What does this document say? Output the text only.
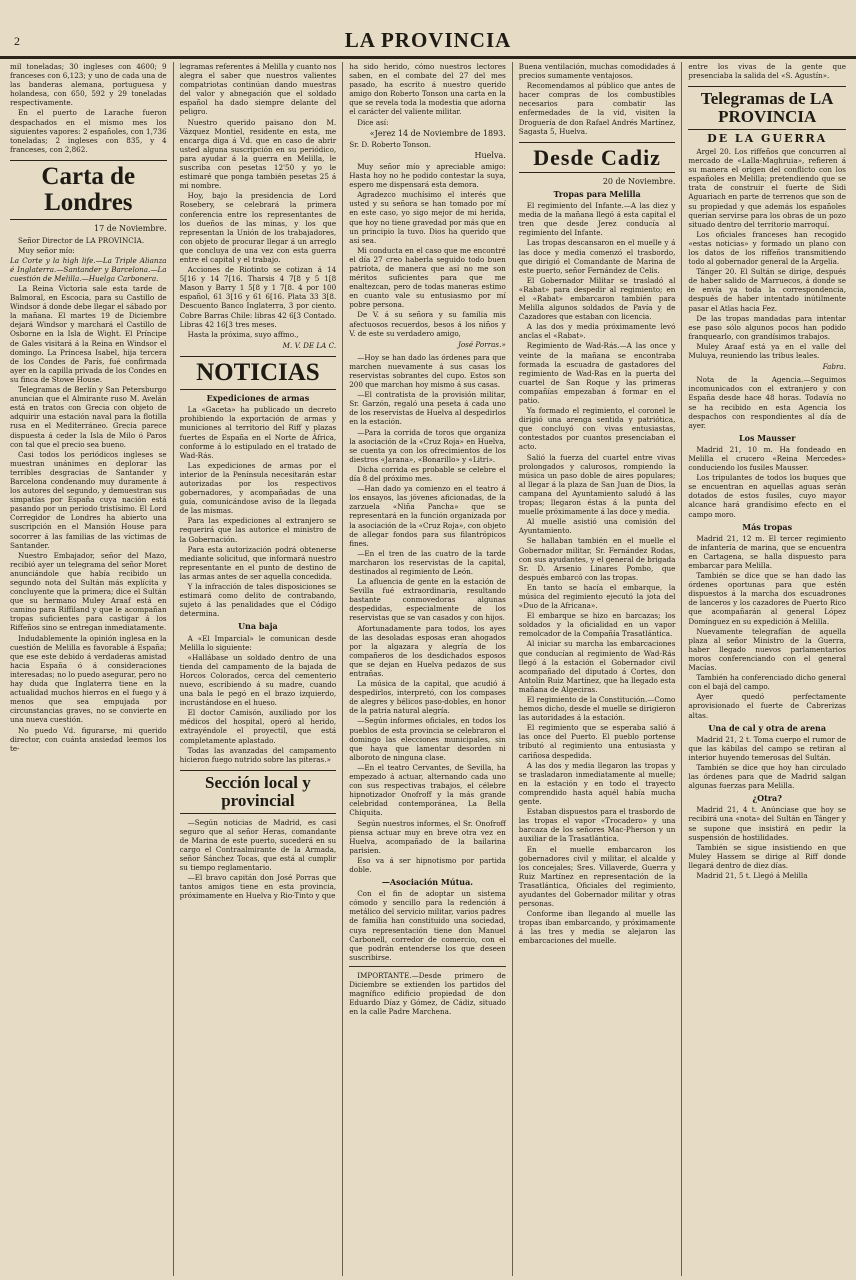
2	LA PROVINCIA

mil toneladas; 30 ingleses con 4600; 9 franceses con 6,123; y uno de cada una de las banderas alemana, portuguesa y holandesa, con 650, 592 y 29 toneladas respectivamente.

En el puerto de Larache fueron despachados en el mismo mes los siguientes vapores: 2 españoles, con 1,736 toneladas; 2 ingleses con 835, y 4 franceses, con 2,862.

Carta de Londres
17 de Noviembre.

Señor Director de LA PROVINCIA.

Muy señor mío:

La Corte y la high life.—La Triple Alianza é Inglaterra.—Santander y Barcelona.—La cuestión de Melilla.—Huelga Carbonera.

La Reina Victoria sale esta tarde de Balmoral, en Escocia, para su Castillo de Windsor á donde debe llegar el sábado por la mañana. El martes 19 de Diciembre dejará Windsor y marchará el Castillo de Osborne en la Isla de Wight. El Príncipe de Gales visitará á la Reina en Windsor el domingo. La Princesa Isabel, hija tercera de los Condes de París, fué confirmada ayer en la capilla privada de los Condes en su finca de Stowe House.

Telegramas de Berlín y San Petersburgo anuncian que el Almirante ruso M. Avelán está en tratos con Grecia con objeto de adquirir una estación naval para la flotilla rusa en el Mediterráneo. Grecia parece dispuesta á ceder la Isla de Milo ó Paros con tal que el precio sea bueno.

Casi todos los periódicos ingleses se muestran unánimes en deplorar las terribles desgracias de Santander y Barcelona condenando muy duramente á los autores del segundo, y demuestran sus simpatías por España cuya nación está pasando por un periodo tristísimo. El Lord Corregidor de Londres ha abierto una suscripción en el Mansión House para socorrer á las familias de las víctimas de Santander.

Nuestro Embajador, señor del Mazo, recibió ayer un telegrama del señor Moret anunciándole que había recibido un segundo nota del Sultán más explícita y concluyente que la primera; dice el Sultán que su hermano Muley Araaf está en camino para Riffiland y que le acompañan tropas suficientes para castigar á los Riffeños sino se entregan inmediatamente.

Indudablemente la opinión inglesa en la cuestión de Melilla es favorable á España; que ese este debido á verdaderas amistad hacia España ó á consideraciones interesadas; no lo puedo asegurar, pero no hay duda que Inglaterra tiene en la actualidad muchos hierros en el fuego y á menos que sea empujada por circunstancias graves, no se convierte en una nueva cuestión.

No puedo Vd. figurarse, mi querido director, con cuánta ansiedad leemos los te-

legramas referentes á Melilla y cuanto nos alegra el saber que nuestros valientes compatriotas continúan dando muestras del valor y abnegación que el soldado español ha dado siempre delante del peligro.

Nuestro querido paisano don M. Vázquez Montiel, residente en esta, me encarga diga á Vd. que en caso de abrir usted alguna suscripción en su periódico, para ayudar á la guerra en Melilla, le suscriba con pesetas 12'50 y yo le estimaré que ponga también pesetas 25 á mi nombre.

Hoy, bajo la presidencia de Lord Rosebery, se celebrará la primera conferencia entre los representantes de los dueños de las minas, y los que representan la Unión de los trabajadores, con objeto de procurar llegar á un arreglo que concluya de una vez con esta guerra entre el capital y el trabajo.

Acciones de Riotinto se cotizan á 14 5[16 y 14 7[16. Tharsis 4 7[8 y 5 1[8 Mason y Barry 1 5[8 y 1 7[8. 4 por 100 español, 61 3[16 y 61 6[16. Plata 33 3[8. Descuento Banco Inglaterra, 3 por ciento. Cobre Barras Chile: libras 42 6[3 Contado. Libras 42 16[3 tres meses.

Hasta la próxima, suyo affmo.,

M. V. DE LA C.
NOTICIAS
Expediciones de armas

La «Gaceta» ha publicado un decreto prohibiendo la exportación de armas y municiones al territorio del Riff y plazas fuertes de España en el Norte de África, conforme á lo estipulado en el tratado de Wad-Rás.

Las expediciones de armas por el interior de la Península necesitarán estar autorizadas por los respectivos gobernadores, y acompañadas de una guía, comunicándose aviso de la llegada de las mismas.

Para las expediciones al extranjero se requerirá que las autorice el ministro de la Gobernación.

Para esta autorización podrá obtenerse mediante solicitud, que informará nuestro representante en el punto de destino de las armas antes de ser aquella concedida.

Y la infracción de tales disposiciones se estimará como delito de contrabando, sujeto á las penalidades que el Código determina.

Una baja

A «El Imparcial» le comunican desde Melilla lo siguiente:

«Hallábase un soldado dentro de una tienda del campamento de la bajada de Horcos Colorados, cerca del cementerio nuevo, escribiendo á su madre, cuando una bala le pegó en el brazo izquierdo, incrustándose en el hueso.

El doctor Camisón, auxiliado por los médicos del hospital, operó al herido, extrayéndole el proyectil, que está completamente aplastado.

Todas las avanzadas del campamento hicieron fuego nutrido sobre las piteras.»

Sección local y provincial

—Según noticias de Madrid, es casi seguro que al señor Heras, comandante de Marina de este puerto, sucederá en su cargo el Contraalmirante de la Armada, señor Sánchez Tocas, que está al cumplir su tiempo reglamentario.

—El bravo capitán don José Porras que tantos amigos tiene en esta provincia, próximamente en Huelva y Rio-Tinto y que

ha sido herido, cómo nuestros lectores saben, en el combate del 27 del mes pasado, ha escrito á nuestro querido amigo don Roberto Tonson una carta en la que se revela toda la modestia que adorna el carácter del valiente militar.

Dice así:

«Jerez 14 de Noviembre de 1893.

Sr. D. Roberto Tonson.

Huelva.

Muy señor mío y apreciable amigo: Hasta hoy no he podido contestar la suya, espero me dispensará esta demora.

Agradezco muchísimo el interés que usted y su señora se han tomado por mí en este caso, yo sigo mejor de mi herida, que hoy no tiene gravedad por más que en un principio la tuvo. Dios ha querido que así sea.

Mi conducta en el caso que me encontré el día 27 creo haberla seguido todo buen patriota, de manera que así no me son méritos suficientes para que me enaltezcan, pero de todas maneras estimo en cuanto vale su entusiasmo por mí pobre persona.

De V. á su señora y su familia mis afectuosos recuerdos, besos á los niños y V. de este su verdadero amigo,

José Porras.»

—Hoy se han dado las órdenes para que marchen nuevamente á sus casas los reservistas sobrantes del cupo. Estos son 200 que marchan hoy mismo á sus casas.

—El contratista de la provisión militar, Sr. Garzón, regaló una peseta á cada uno de los reservistas de Huelva al despedirlos en la estación.

—Para la corrida de toros que organiza la asociación de la «Cruz Roja» en Huelva, se cuenta ya con los ofrecimientos de los diestros «Jarana», «Bonarillo» y «Litri».

Dicha corrida es probable se celebre el día 8 del próximo mes.

—Han dado ya comienzo en el teatro á los ensayos, las jóvenes aficionadas, de la zarzuela «Niña Pancha» que se representará en la función organizada por la asociación de la «Cruz Roja», con objeto de allegar fondos para sus filantrópicos fines.

—En el tren de las cuatro de la tarde marcharon los reservistas de la capital, destinados al regimiento de León.

La afluencia de gente en la estación de Sevilla fué extraordinaria, resultando bastante conmovedoras algunas despedidas, especialmente de los reservistas que se van casados y con hijos.

Afortunadamente para todos, los ayes de las desoladas esposas eran ahogados por la algazara y alegría de los compañeros de los desdichados esposos que se dejan en Huelva pedazos de sus entrañas.

La música de la capital, que acudió á despedirlos, interpretó, con los compases de alegres y bélicos paso-dobles, en honor de la patria natural alegría.

—Según informes oficiales, en todos los pueblos de esta provincia se celebraron el domingo las elecciones municipales, sin que haya que lamentar desorden ni alboroto de ninguna clase.

—En el teatro Cervantes, de Sevilla, ha empezado á actuar, alternando cada uno con sus respectivas trabajos, el célebre hipnotizador Onofroff y la más grande celebridad contemporánea, La Bella Chiquita.

Según nuestros informes, el Sr. Onofroff piensa actuar muy en breve otra vez en Huelva, acompañado de la bailarina parisien.

Eso va á ser hipnotismo por partida doble.

—Asociación Mútua.

Con el fin de adoptar un sistema cómodo y sencillo para la redención á metálico del servicio militar, varios padres de familia han constituido una sociedad, cuya representación tiene don Manuel Carbonell, corredor de comercio, con el que podrán entenderse los que deseen suscribirse.

IMPORTANTE.—Desde primero de Diciembre se extienden los partidos del magnífico edificio propiedad de don Eduardo Díaz y Gómez, de Cádiz, situado en la calle Padre Marchena.

Buena ventilación, muchas comodidades á precios sumamente ventajosos.

Recomendamos al público que antes de hacer compras de los combustibles necesarios para combatir las enfermedades de la vid, visiten la Droguería de don Rafael Andrés Martínez, Sagasta 5, Huelva.

Desde Cadiz
20 de Noviembre.
Tropas para Melilla

El regimiento del Infante.—A las diez y media de la mañana llegó á esta capital el tren que desde Jerez conducía al regimiento del Infante.

Las tropas descansaron en el muelle y á las doce y media comenzó el trasbordo, que dirigió el Comandante de Marina de este puerto, señor Fernández de Celis.

El Gobernador Militar se trasladó al «Rabat» para despedir al regimiento; en el «Rabat» embarcaron también para Melilla algunos soldados de Pavía y de Cazadores que estaban con licencia.

A las dos y media próximamente levó anclas el «Rabat».

Regimiento de Wad-Rás.—A las once y veinte de la mañana se encontraba formada la escuadra de gastadores del regimiento de Wad-Ras en la puerta del cuartel de San Roque y las primeras compañías empezaban á formar en el patio.

Ya formado el regimiento, el coronel le dirigió una arenga sentida y patriótica, que concluyó con vivas entusiastas, contestados por cuantos presenciaban el acto.

Salió la fuerza del cuartel entre vivas prolongados y calurosos, rompiendo la música un paso doble de aires populares; al llegar á la plaza de San Juan de Dios, la campana del Ayuntamiento saludó á las tropas; llegaron éstas á la punta del muelle próximamente á las doce y media.

Al muelle asistió una comisión del Ayuntamiento.

Se hallaban también en el muelle el Gobernador militar, Sr. Fernández Rodas, con sus ayudantes, y el general de brigada Sr. D. Arsenio Linares Pombo, que después embarcó con las tropas.

En tanto se hacía el embarque, la música del regimiento ejecutó la jota del «Duo de la Africana».

El embarque se hizo en barcazas; los soldados y la oficialidad en un vapor remolcador de la Compañía Trasatlántica.

Al iniciar su marcha las embarcaciones que conducían al regimiento de Wad-Rás llegó á la estación el Gobernador civil acompañado del diputado á Cortes, don Antolín Ruiz Martínez, que ha llegado esta mañana de Algeciras.

El regimiento de la Constitución.—Como hemos dicho, desde el muelle se dirigieron las autoridades á la estación.

El regimiento que se esperaba salió á las once del Puerto. El pueblo portense tributó al regimiento una entusiasta y cariñosa despedida.

A las dos y media llegaron las tropas y se trasladaron inmediatamente al muelle; en la estación y en todo el trayecto comprendido hasta aquél había mucha gente.

Estaban dispuestos para el trasbordo de las tropas el vapor «Trocadero» y una barcaza de los señores Mac-Pherson y un auxiliar de la Trasatlántica.

En el muelle embarcaron los gobernadores civil y militar, el alcalde y los concejales; Sres. Villaverde, Guerra y Ruiz Martínez en representación de la Trasatlántica, Oficiales del regimiento, ayudantes del Gobernador militar y otras personas.

Conforme iban llegando al muelle las tropas iban embarcando, y próximamente á las tres y media se alejaron las embarcaciones del muelle.

entre los vivas de la gente que presenciaba la salida del «S. Agustín».

Telegramas de LA PROVINCIA
DE LA GUERRA

Argel 20. Los riffeños que concurren al mercado de «Lalla-Maghruia», refieren á su manera el origen del conflicto con los españoles en Melilla; pretendiendo que se trata de construir el fuerte de Sidi Aguariach en parte de terrenos que son de su propiedad y que además los españoles querían servirse para los obras de un pozo situado dentro del territorio marroquí.

Los oficiales franceses han recogido «estas noticias» y formado un plano con los datos de los riffeños transmitiendo todo al gobernador general de la Argelia.

Tánger 20. El Sultán se dirige, después de haber salido de Marruecos, á donde se le envía ya toda la correspondencia, después de haber intentado inútilmente pasar el Atlas hacia Fez.

De las tropas mandadas para intentar ese paso sólo algunos pocos han podido franquearlo, con grandísimos trabajos.

Muley Araaf está ya en el valle del Muluya, reuniendo las tribus leales.

Fabra.

Nota de la Agencia.—Seguimos incomunicados con el extranjero y con España desde hace 48 horas. Todavía no se ha recibido en esta Agencia los despachos con respondientes al día de ayer.

Los Mausser

Madrid 21, 10 m. Ha fondeado en Melilla el crucero «Reina Mercedes» conduciendo los fusiles Mausser.

Los tripulantes de todos los buques que se encuentran en aquellas aguas serán dotados de estos fusiles, cuyo mayor alcance hará grandísimo efecto en el campo moro.

Más tropas

Madrid 21, 12 m. El tercer regimiento de infantería de marina, que se encuentra en Cartagena, se halla dispuesto para embarcar para Melilla.

También se dice que se han dado las órdenes oportunas para que estén dispuestos á la marcha dos escuadrones de lanceros y los cazadores de Puerto Rico que acompañarán al general López Domínguez en su expedición á Melilla.

Nuevamente telegrafían de aquella plaza al señor Ministro de la Guerra, haber llegado nuevos parlamentarios moros conferenciando con el general Macías.

También ha conferenciado dicho general con el bajá del campo.

Ayer quedó perfectamente aprovisionado el fuerte de Cabrerizas altas.

Una de cal y otra de arena

Madrid 21, 2 t. Toma cuerpo el rumor de que las kábilas del campo se retiran al interior huyendo temerosas del Sultán.

También se dice que hoy han circulado las órdenes para que de Madrid salgan algunas fuerzas para Melilla.

¿Otra?

Madrid 21, 4 t. Anúnciase que hoy se recibirá una «nota» del Sultán en Tánger y se supone que insistirá en pedir la suspensión de hostilidades.

También se sigue insistiendo en que Muley Hassem se dirige al Riff donde llegará dentro de diez días.

Madrid 21, 5 t. Llegó á Melilla
